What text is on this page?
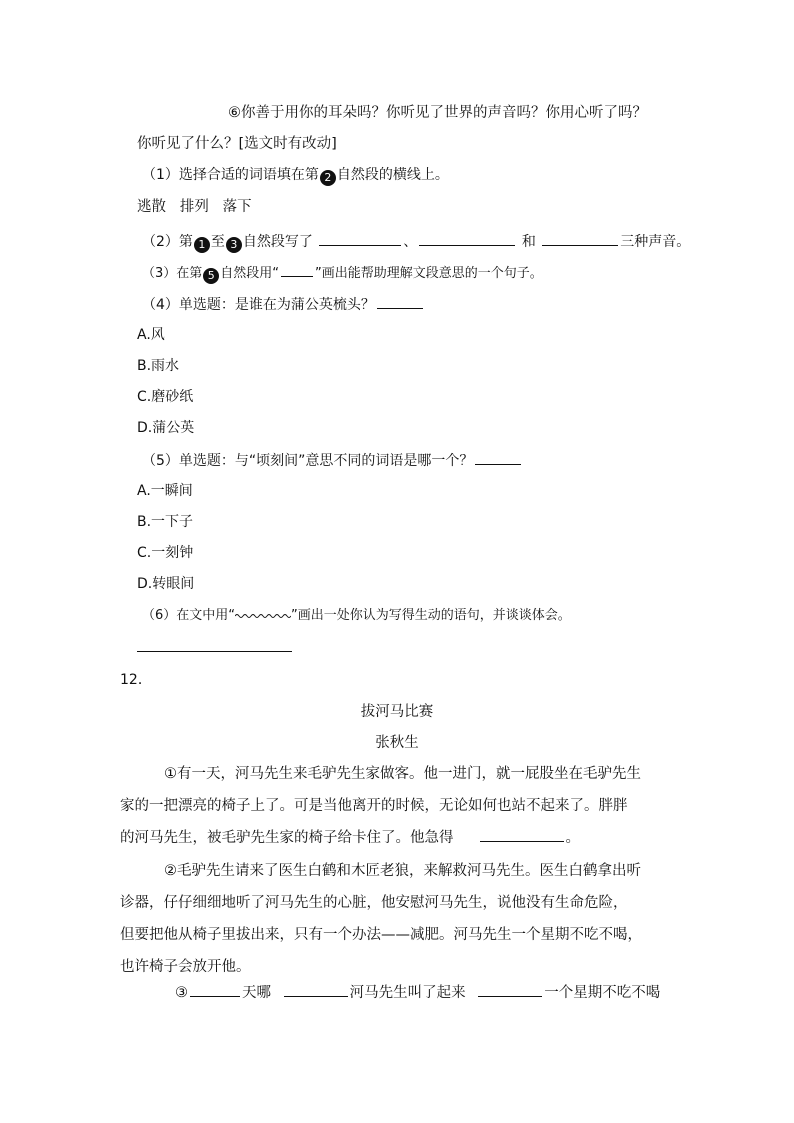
⑥你善于用你的耳朵吗？你听见了世界的声音吗？你用心听了吗？
你听见了什么？[选文时有改动]
（1）选择合适的词语填在第 2 自然段的横线上。
逃散   排列   落下
（2）第 1 至 3 自然段写了	、	和	三种声音。
（3）在第 5 自然段用“	”画出能帮助理解文段意思的一个句子。
（4）单选题：是谁在为蒲公英梳头？
A.风
B.雨水
C.磨砂纸
D.蒲公英
（5）单选题：与“顷刻间”意思不同的词语是哪一个？
A.一瞬间
B.一下子
C.一刻钟
D.转眼间
（6）在文中用“	”画出一处你认为写得生动的语句，并谈谈体会。
12．
拔河马比赛
张秋生
①有一天，河马先生来毛驴先生家做客。他一进门，就一屁股坐在毛驴先生
家的一把漂亮的椅子上了。可是当他离开的时候，无论如何也站不起来了。胖胖
的河马先生，被毛驴先生家的椅子给卡住了。他急得	。
②毛驴先生请来了医生白鹤和木匠老狼，来解救河马先生。医生白鹤拿出听
诊器，仔仔细细地听了河马先生的心脏，他安慰河马先生，说他没有生命危险，
但要把他从椅子里拔出来，只有一个办法——减肥。河马先生一个星期不吃不喝，
也许椅子会放开他。
③	天哪	河马先生叫了起来	一个星期不吃不喝
